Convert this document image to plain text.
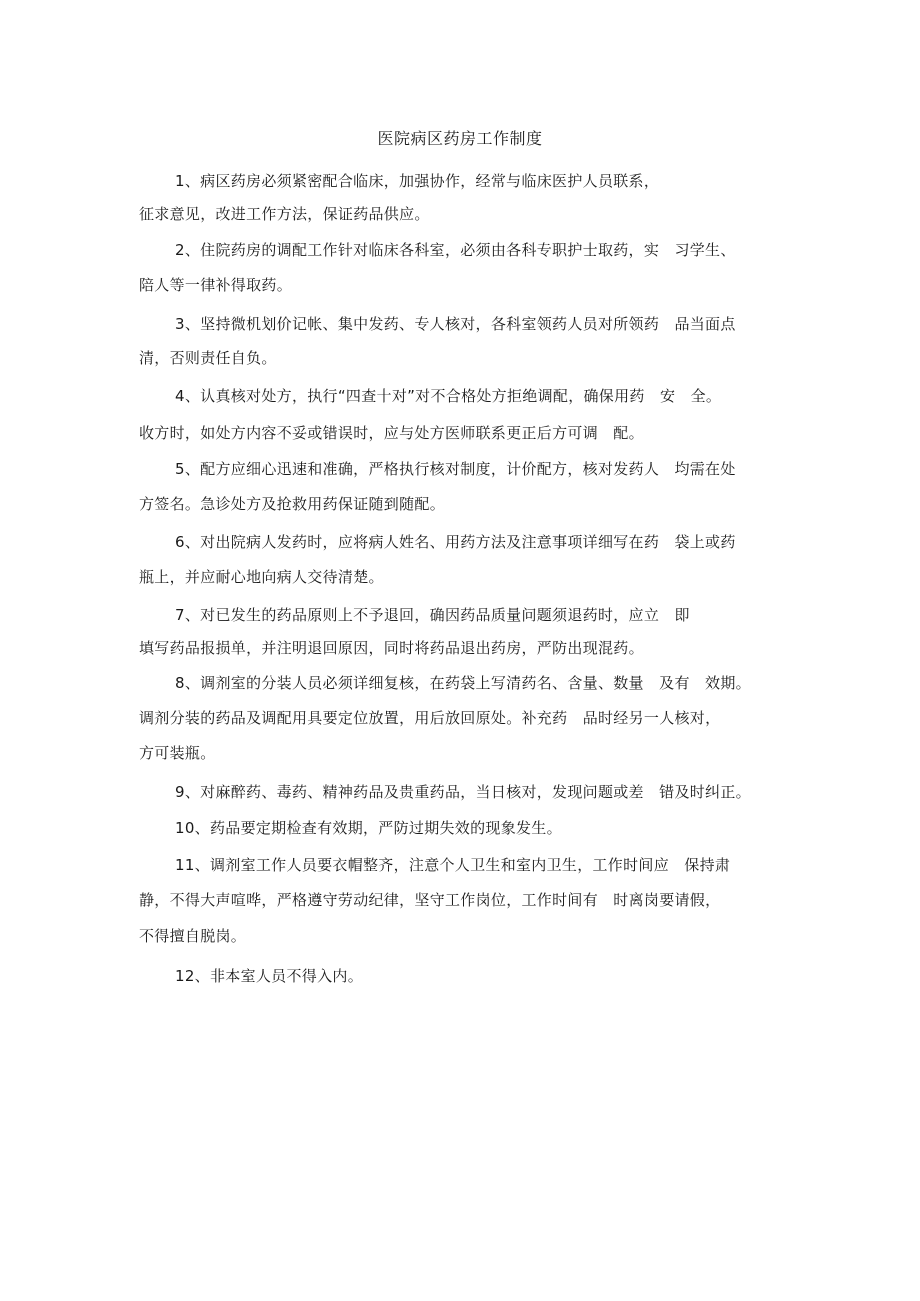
医院病区药房工作制度
1、病区药房必须紧密配合临床，加强协作，经常与临床医护人员联系，
征求意见，改进工作方法，保证药品供应。
2、住院药房的调配工作针对临床各科室，必须由各科专职护士取药，实　习学生、
陪人等一律补得取药。
3、坚持微机划价记帐、集中发药、专人核对，各科室领药人员对所领药　品当面点
清，否则责任自负。
4、认真核对处方，执行“四查十对”对不合格处方拒绝调配，确保用药　安　全。
收方时，如处方内容不妥或错误时，应与处方医师联系更正后方可调　配。
5、配方应细心迅速和准确，严格执行核对制度，计价配方，核对发药人　均需在处
方签名。急诊处方及抢救用药保证随到随配。
6、对出院病人发药时，应将病人姓名、用药方法及注意事项详细写在药　袋上或药
瓶上，并应耐心地向病人交待清楚。
7、对已发生的药品原则上不予退回，确因药品质量问题须退药时，应立　即
填写药品报损单，并注明退回原因，同时将药品退出药房，严防出现混药。
8、调剂室的分装人员必须详细复核，在药袋上写清药名、含量、数量　及有　效期。
调剂分装的药品及调配用具要定位放置，用后放回原处。补充药　品时经另一人核对，
方可装瓶。
9、对麻醉药、毒药、精神药品及贵重药品，当日核对，发现问题或差　错及时纠正。
10、药品要定期检查有效期，严防过期失效的现象发生。
11、调剂室工作人员要衣帽整齐，注意个人卫生和室内卫生，工作时间应　保持肃
静，不得大声喧哗，严格遵守劳动纪律，坚守工作岗位，工作时间有　时离岗要请假，
不得擅自脱岗。
12、非本室人员不得入内。
